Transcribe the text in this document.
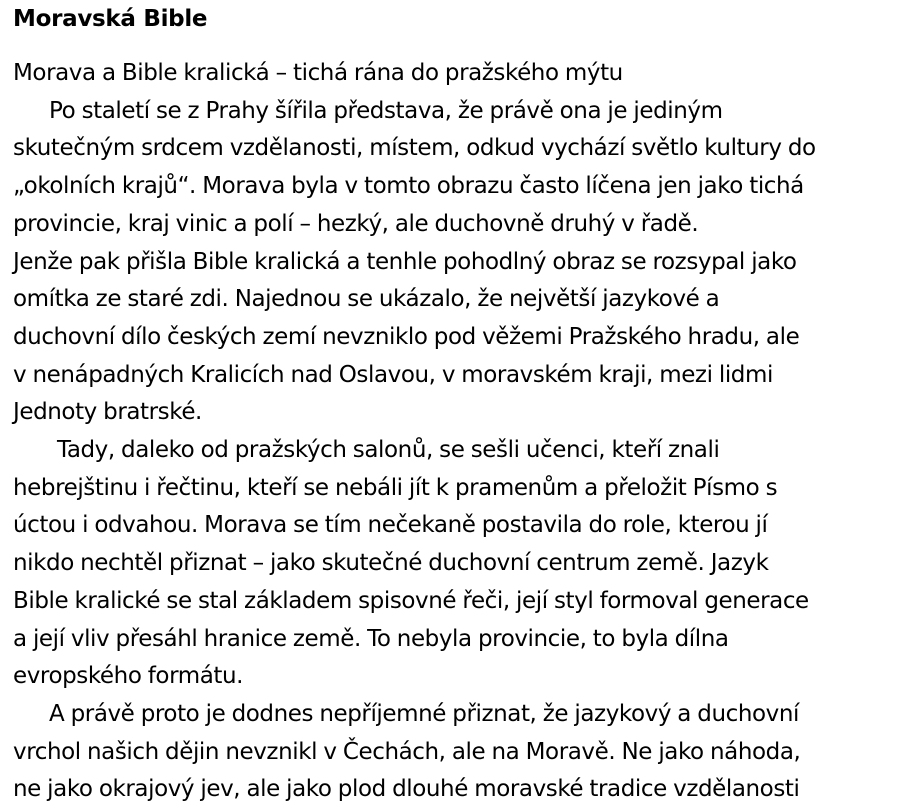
Moravská Bible

Morava a Bible kralická – tichá rána do pražského mýtu

Po staletí se z Prahy šířila představa, že právě ona je jediným

skutečným srdcem vzdělanosti, místem, odkud vychází světlo kultury do

„okolních krajů“. Morava byla v tomto obrazu často líčena jen jako tichá

provincie, kraj vinic a polí – hezký, ale duchovně druhý v řadě.

Jenže pak přišla Bible kralická a tenhle pohodlný obraz se rozsypal jako

omítka ze staré zdi. Najednou se ukázalo, že největší jazykové a

duchovní dílo českých zemí nevzniklo pod věžemi Pražského hradu, ale

v nenápadných Kralicích nad Oslavou, v moravském kraji, mezi lidmi

Jednoty bratrské.

Tady, daleko od pražských salonů, se sešli učenci, kteří znali

hebrejštinu i řečtinu, kteří se nebáli jít k pramenům a přeložit Písmo s

úctou i odvahou. Morava se tím nečekaně postavila do role, kterou jí

nikdo nechtěl přiznat – jako skutečné duchovní centrum země. Jazyk

Bible kralické se stal základem spisovné řeči, její styl formoval generace

a její vliv přesáhl hranice země. To nebyla provincie, to byla dílna

evropského formátu.

A právě proto je dodnes nepříjemné přiznat, že jazykový a duchovní

vrchol našich dějin nevznikl v Čechách, ale na Moravě. Ne jako náhoda,

ne jako okrajový jev, ale jako plod dlouhé moravské tradice vzdělanosti
